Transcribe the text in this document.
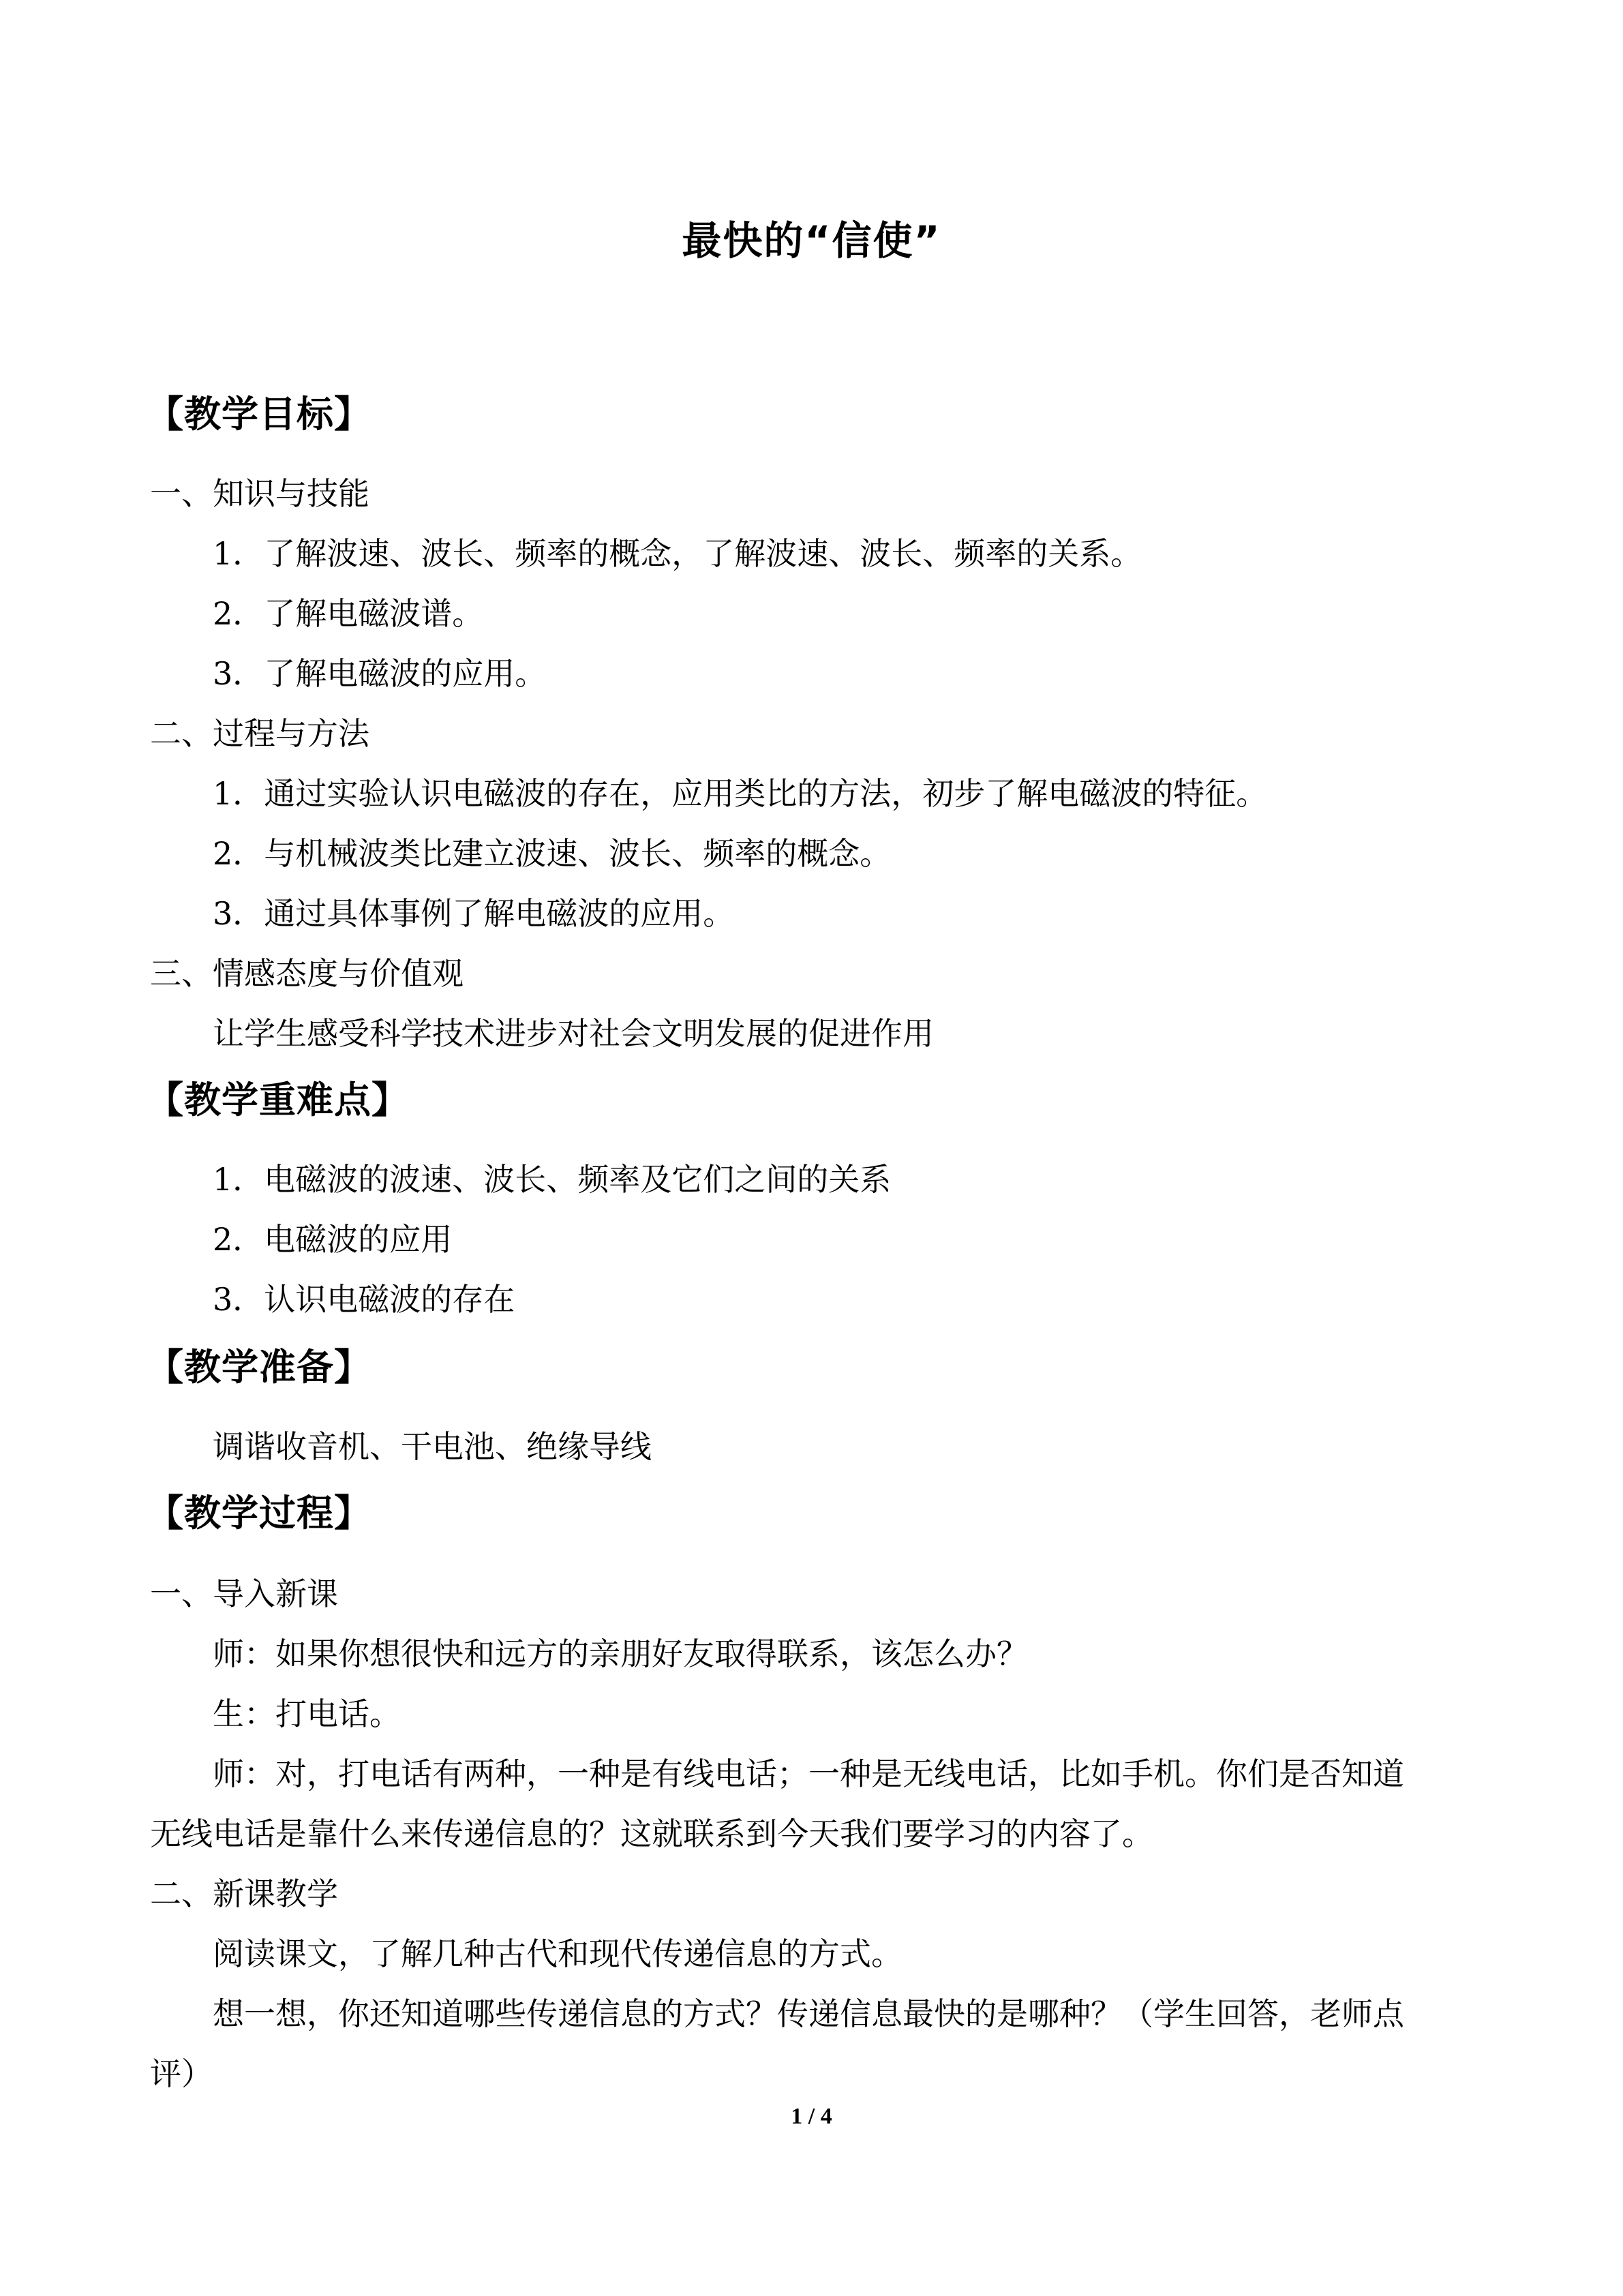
最快的“信使”
【教学目标】
一、知识与技能
1．了解波速、波长、频率的概念，了解波速、波长、频率的关系。
2．了解电磁波谱。
3．了解电磁波的应用。
二、过程与方法
1．通过实验认识电磁波的存在，应用类比的方法，初步了解电磁波的特征。
2．与机械波类比建立波速、波长、频率的概念。
3．通过具体事例了解电磁波的应用。
三、情感态度与价值观
让学生感受科学技术进步对社会文明发展的促进作用
【教学重难点】
1．电磁波的波速、波长、频率及它们之间的关系
2．电磁波的应用
3．认识电磁波的存在
【教学准备】
调谐收音机、干电池、绝缘导线
【教学过程】
一、导入新课
师：如果你想很快和远方的亲朋好友取得联系，该怎么办？
生：打电话。
师：对，打电话有两种，一种是有线电话；一种是无线电话，比如手机。你们是否知道
无线电话是靠什么来传递信息的？这就联系到今天我们要学习的内容了。
二、新课教学
阅读课文，了解几种古代和现代传递信息的方式。
想一想，你还知道哪些传递信息的方式？传递信息最快的是哪种？（学生回答，老师点
评）
1 / 4
